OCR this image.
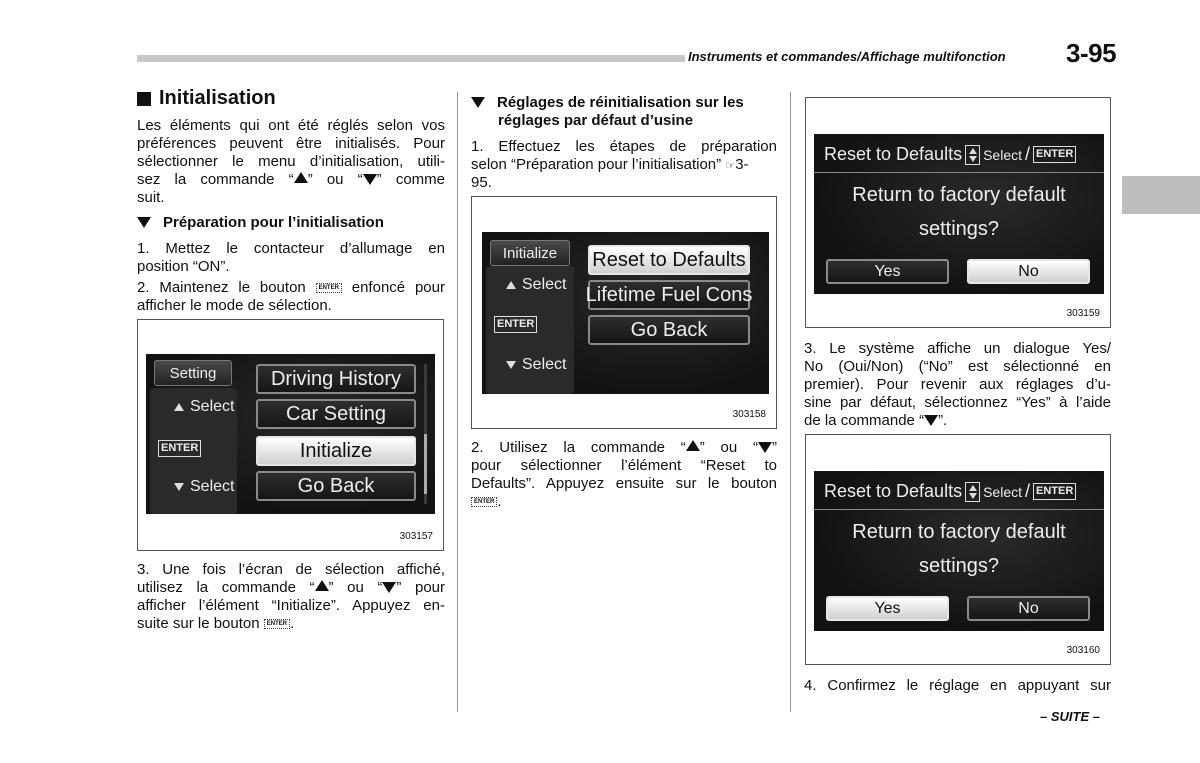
Instruments et commandes/Affichage multifonction 3-95
Initialisation
Les éléments qui ont été réglés selon vos
préférences peuvent être initialisés. Pour
sélectionner le menu d’initialisation, utili-
sez la commande “ ” ou “ ” comme
suit.
Préparation pour l’initialisation
1. Mettez le contacteur d’allumage en
position “ON”.
2. Maintenez le bouton ENTER enfoncé pour
afficher le mode de sélection.
Setting
Select
ENTER
Select
Driving History
Car Setting
Initialize
Go Back
303157
3. Une fois l’écran de sélection affiché,
utilisez la commande “ ” ou “ ” pour
afficher l’élément “Initialize”. Appuyez en-
suite sur le bouton ENTER .
Réglages de réinitialisation sur les
réglages par défaut d’usine
1. Effectuez les étapes de préparation
selon “Préparation pour l’initialisation” ☞3-
95.
Initialize
Select
ENTER
Select
Reset to Defaults
Lifetime Fuel Cons
Go Back
303158
2. Utilisez la commande “ ” ou “ ”
pour sélectionner l’élément “Reset to
Defaults”. Appuyez ensuite sur le bouton
ENTER .
Reset to Defaults Select / ENTER
Return to factory default
settings?
Yes	No
303159
3. Le système affiche un dialogue Yes/
No (Oui/Non) (“No” est sélectionné en
premier). Pour revenir aux réglages d’u-
sine par défaut, sélectionnez “Yes” à l’aide
de la commande “ ”.
Reset to Defaults Select / ENTER
Return to factory default
settings?
Yes	No
303160
4. Confirmez le réglage en appuyant sur
– SUITE –
